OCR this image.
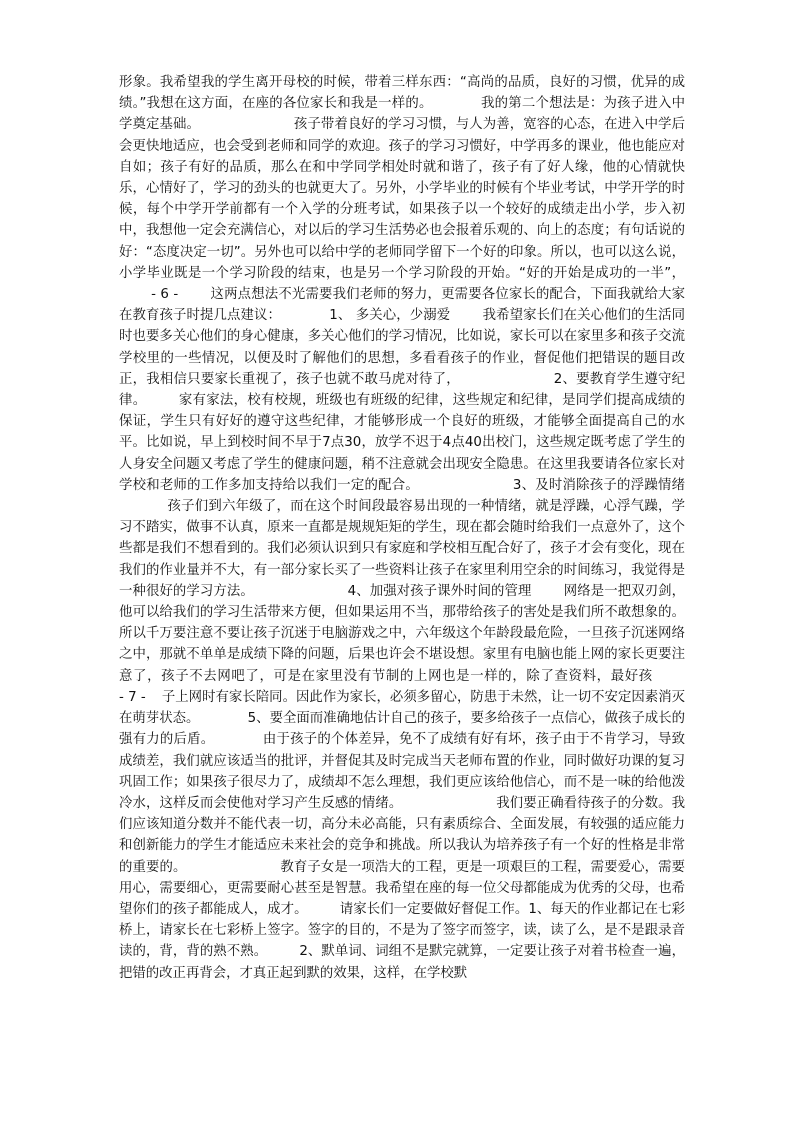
形象。我希望我的学生离开母校的时候，带着三样东西：“高尚的品质，良好的习惯，优异的成绩。”我想在这方面，在座的各位家长和我是一样的。	我的第二个想法是：为孩子进入中学奠定基础。	孩子带着良好的学习习惯，与人为善，宽容的心态，在进入中学后会更快地适应，也会受到老师和同学的欢迎。孩子的学习习惯好，中学再多的课业，他也能应对自如；孩子有好的品质，那么在和中学同学相处时就和谐了，孩子有了好人缘，他的心情就快乐，心情好了，学习的劲头的也就更大了。另外，小学毕业的时候有个毕业考试，中学开学的时候，每个中学开学前都有一个入学的分班考试，如果孩子以一个较好的成绩走出小学，步入初中，我想他一定会充满信心，对以后的学习生活势必也会报着乐观的、向上的态度；有句话说的好：“态度决定一切”。另外也可以给中学的老师同学留下一个好的印象。所以，也可以这么说，小学毕业既是一个学习阶段的结束，也是另一个学习阶段的开始。“好的开始是成功的一半”，- 6 - 这两点想法不光需要我们老师的努力，更需要各位家长的配合，下面我就给大家在教育孩子时提几点建议：	1、 多关心，少溺爱 我希望家长们在关心他们的生活同时也要多关心他们的身心健康，多关心他们的学习情况，比如说，家长可以在家里多和孩子交流学校里的一些情况，以便及时了解他们的思想，多看看孩子的作业，督促他们把错误的题目改正，我相信只要家长重视了，孩子也就不敢马虎对待了，	2、要教育学生遵守纪律。 家有家法，校有校规，班级也有班级的纪律，这些规定和纪律，是同学们提高成绩的保证，学生只有好好的遵守这些纪律，才能够形成一个良好的班级，才能够全面提高自己的水平。比如说，早上到校时间不早于7点30，放学不迟于4点40出校门，这些规定既考虑了学生的人身安全问题又考虑了学生的健康问题，稍不注意就会出现安全隐患。在这里我要请各位家长对学校和老师的工作多加支持给以我们一定的配合。	3、及时消除孩子的浮躁情绪孩子们到六年级了，而在这个时间段最容易出现的一种情绪，就是浮躁，心浮气躁，学习不踏实，做事不认真，原来一直都是规规矩矩的学生，现在都会随时给我们一点意外了，这个些都是我们不想看到的。我们必须认识到只有家庭和学校相互配合好了，孩子才会有变化，现在我们的作业量并不大，有一部分家长买了一些资料让孩子在家里利用空余的时间练习，我觉得是一种很好的学习方法。	4、加强对孩子课外时间的管理 网络是一把双刃剑，他可以给我们的学习生活带来方便，但如果运用不当，那带给孩子的害处是我们所不敢想象的。所以千万要注意不要让孩子沉迷于电脑游戏之中，六年级这个年龄段最危险，一旦孩子沉迷网络之中，那就不单单是成绩下降的问题，后果也许会不堪设想。家里有电脑也能上网的家长更要注意了，孩子不去网吧了，可是在家里没有节制的上网也是一样的，除了查资料，最好孩- 7 - 子上网时有家长陪同。因此作为家长，必须多留心，防患于未然，让一切不安定因素消灭在萌芽状态。	5、要全面而准确地估计自己的孩子，要多给孩子一点信心，做孩子成长的强有力的后盾。	由于孩子的个体差异，免不了成绩有好有坏，孩子由于不肯学习，导致成绩差，我们就应该适当的批评，并督促其及时完成当天老师布置的作业，同时做好功课的复习巩固工作；如果孩子很尽力了，成绩却不怎么理想，我们更应该给他信心，而不是一味的给他泼冷水，这样反而会使他对学习产生反感的情绪。	我们要正确看待孩子的分数。我们应该知道分数并不能代表一切，高分未必高能，只有素质综合、全面发展，有较强的适应能力和创新能力的学生才能适应未来社会的竞争和挑战。所以我认为培养孩子有一个好的性格是非常的重要的。	教育子女是一项浩大的工程，更是一项艰巨的工程，需要爱心，需要用心，需要细心，更需要耐心甚至是智慧。我希望在座的每一位父母都能成为优秀的父母，也希望你们的孩子都能成人，成才。 请家长们一定要做好督促工作。1、每天的作业都记在七彩桥上，请家长在七彩桥上签字。签字的目的，不是为了签字而签字，读，读了么，是不是跟录音读的，背，背的熟不熟。 2、默单词、词组不是默完就算，一定要让孩子对着书检查一遍，把错的改正再背会，才真正起到默的效果，这样，在学校默
